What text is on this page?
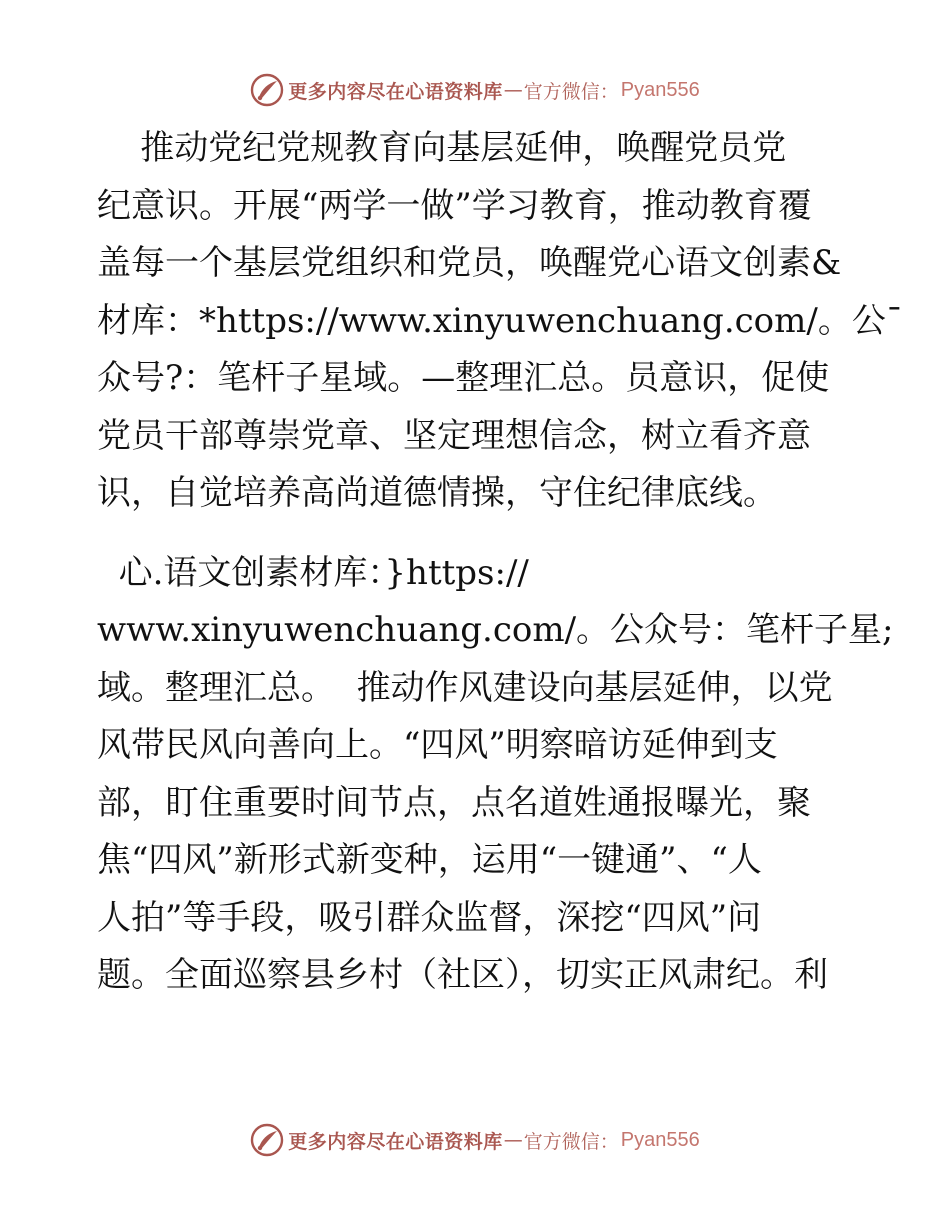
更多内容尽在心语资料库 — 官方微信： Pyan556
推动党纪党规教育向基层延伸，唤醒党员党
纪意识。开展“两学一做”学习教育，推动教育覆
盖每一个基层党组织和党员，唤醒党心语文创素&
材库：*https://www.xinyuwenchuang.com/。公¯
众号?：笔杆子星域。—整理汇总。员意识，促使
党员干部尊崇党章、坚定理想信念，树立看齐意
识，自觉培养高尚道德情操，守住纪律底线。
心.语文创素材库：}https://
www.xinyuwenchuang.com/。公众号：笔杆子星;
域。整理汇总。  推动作风建设向基层延伸，以党
风带民风向善向上。“四风”明察暗访延伸到支
部，盯住重要时间节点，点名道姓通报曝光，聚
焦“四风”新形式新变种，运用“一键通”、“人
人拍”等手段，吸引群众监督，深挖“四风”问
题。全面巡察县乡村（社区），切实正风肃纪。利
更多内容尽在心语资料库 — 官方微信： Pyan556
